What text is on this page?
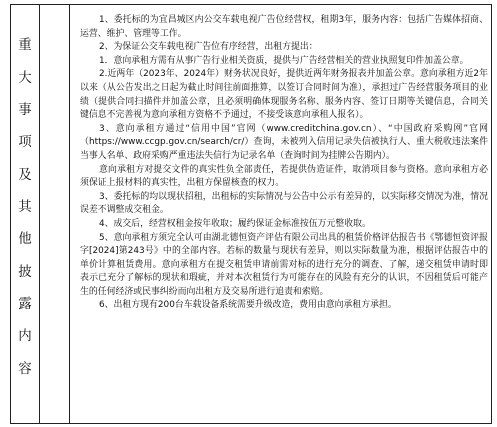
重
大
事
项
及
其
他
披
露
内
容

1、委托标的为宜昌城区内公交车载电视广告位经营权，租期3年，服务内容：包括广告媒体招商、运营、维护、管理等工作。

2、为保证公交车载电视广告位有序经营，出租方提出：

1．意向承租方需有从事广告行业相关资质，提供与广告经营相关的营业执照复印件加盖公章。

2.近两年（2023年、2024年）财务状况良好，提供近两年财务报表并加盖公章。意向承租方近2年以来（从公告发出之日起为截止时间往前面推算，以签订合同时间为准），承担过广告经营服务项目的业绩（提供合同扫描件并加盖公章，且必须明确体现服务名称、服务内容、签订日期等关键信息，合同关键信息不完善视为意向承租方资格不予通过，不接受该意向承租人报名）。

3、意向承租方通过“信用中国”官网（www.creditchina.gov.cn）、“中国政府采购网”官网（https://www.ccgp.gov.cn/search/cr/）查询，未被列入信用记录失信被执行人、重大税收违法案件当事人名单、政府采购严重违法失信行为记录名单（查询时间为挂牌公告期内）。

意向承租方对提交文件的真实性负全部责任，若提供伪造证件，取消项目参与资格。意向承租方必须保证上报材料的真实性，出租方保留核查的权力。

3、委托标的均以现状招租，出租标的实际情况与公告中公示有差异的，以实际移交情况为准，情况误差不调整成交租金。

4、成交后，经营权租金按年收取；履约保证金标准按伍万元整收取。

5、意向承租方须完全认可由湖北德恒资产评估有限公司出具的租赁价格评估报告书《鄂德恒资评报字[2024]第243号》中的全部内容。若标的数量与现状有差异，则以实际数量为准，根据评估报告中的单价计算租赁费用。意向承租方在提交租赁申请前需对标的进行充分的调查、了解，递交租赁申请时即表示已充分了解标的现状和瑕疵，并对本次租赁行为可能存在的风险有充分的认识，不因租赁后可能产生的任何经济或民事纠纷而向出租方及交易所进行追责和索赔。

6、出租方现有200台车载设备系统需要升级改造，费用由意向承租方承担。
